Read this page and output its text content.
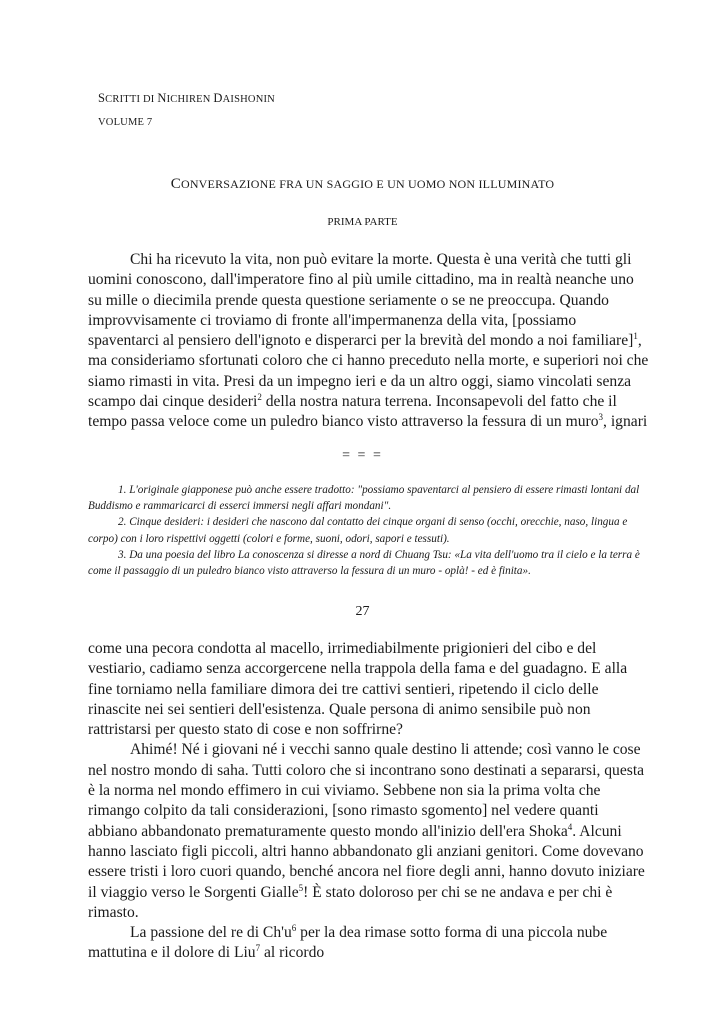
SCRITTI DI NICHIREN DAISHONIN
VOLUME 7
CONVERSAZIONE FRA UN SAGGIO E UN UOMO NON ILLUMINATO
PRIMA PARTE

Chi ha ricevuto la vita, non può evitare la morte. Questa è una verità che tutti gli uomini conoscono, dall'imperatore fino al più umile cittadino, ma in realtà neanche uno su mille o diecimila prende questa questione seriamente o se ne preoccupa. Quando improvvisamente ci troviamo di fronte all'impermanenza della vita, [possiamo spaventarci al pensiero dell'ignoto e disperarci per la brevità del mondo a noi familiare]$^1$, ma consideriamo sfortunati coloro che ci hanno preceduto nella morte, e superiori noi che siamo rimasti in vita. Presi da un impegno ieri e da un altro oggi, siamo vincolati senza scampo dai cinque desideri$^2$ della nostra natura terrena. Inconsapevoli del fatto che il tempo passa veloce come un puledro bianco visto attraverso la fessura di un muro$^3$, ignari

= = =

1. L'originale giapponese può anche essere tradotto: "possiamo spaventarci al pensiero di essere rimasti lontani dal Buddismo e rammaricarci di esserci immersi negli affari mondani".

2. Cinque desideri: i desideri che nascono dal contatto dei cinque organi di senso (occhi, orecchie, naso, lingua e corpo) con i loro rispettivi oggetti (colori e forme, suoni, odori, sapori e tessuti).

3. Da una poesia del libro La conoscenza si diresse a nord di Chuang Tsu: «La vita dell'uomo tra il cielo e la terra è come il passaggio di un puledro bianco visto attraverso la fessura di un muro - oplà! - ed è finita».

27

come una pecora condotta al macello, irrimediabilmente prigionieri del cibo e del vestiario, cadiamo senza accorgercene nella trappola della fama e del guadagno. E alla fine torniamo nella familiare dimora dei tre cattivi sentieri, ripetendo il ciclo delle rinascite nei sei sentieri dell'esistenza. Quale persona di animo sensibile può non rattristarsi per questo stato di cose e non soffrirne?

Ahimé! Né i giovani né i vecchi sanno quale destino li attende; così vanno le cose nel nostro mondo di saha. Tutti coloro che si incontrano sono destinati a separarsi, questa è la norma nel mondo effimero in cui viviamo. Sebbene non sia la prima volta che rimango colpito da tali considerazioni, [sono rimasto sgomento] nel vedere quanti abbiano abbandonato prematuramente questo mondo all'inizio dell'era Shoka$^4$. Alcuni hanno lasciato figli piccoli, altri hanno abbandonato gli anziani genitori. Come dovevano essere tristi i loro cuori quando, benché ancora nel fiore degli anni, hanno dovuto iniziare il viaggio verso le Sorgenti Gialle$^5$! È stato doloroso per chi se ne andava e per chi è rimasto.

La passione del re di $Ch'u^6$ per la dea rimase sotto forma di una piccola nube mattutina e il dolore di Liu$^7$ al ricordo
